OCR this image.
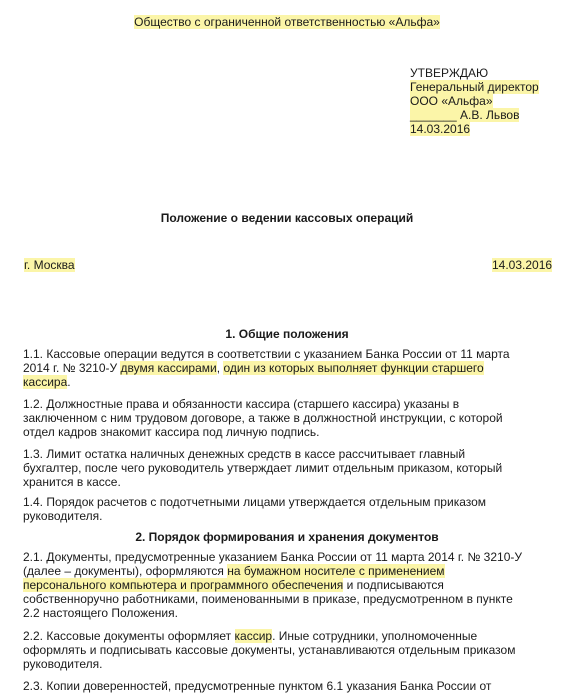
Общество с ограниченной ответственностью «Альфа»
УТВЕРЖДАЮ
Генеральный директор
ООО «Альфа»
_______ А.В. Львов
14.03.2016
Положение о ведении кассовых операций
г. Москва	14.03.2016
1. Общие положения

1.1. Кассовые операции ведутся в соответствии с указанием Банка России от 11 марта 2014 г. № 3210-У двумя кассирами, один из которых выполняет функции старшего кассира.

1.2. Должностные права и обязанности кассира (старшего кассира) указаны в заключенном с ним трудовом договоре, а также в должностной инструкции, с которой отдел кадров знакомит кассира под личную подпись.

1.3. Лимит остатка наличных денежных средств в кассе рассчитывает главный бухгалтер, после чего руководитель утверждает лимит отдельным приказом, который хранится в кассе.

1.4. Порядок расчетов с подотчетными лицами утверждается отдельным приказом руководителя.

2. Порядок формирования и хранения документов

2.1. Документы, предусмотренные указанием Банка России от 11 марта 2014 г. № 3210-У (далее – документы), оформляются на бумажном носителе с применением персонального компьютера и программного обеспечения и подписываются собственноручно работниками, поименованными в приказе, предусмотренном в пункте 2.2 настоящего Положения.

2.2. Кассовые документы оформляет кассир. Иные сотрудники, уполномоченные оформлять и подписывать кассовые документы, устанавливаются отдельным приказом руководителя.

2.3. Копии доверенностей, предусмотренные пунктом 6.1 указания Банка России от
